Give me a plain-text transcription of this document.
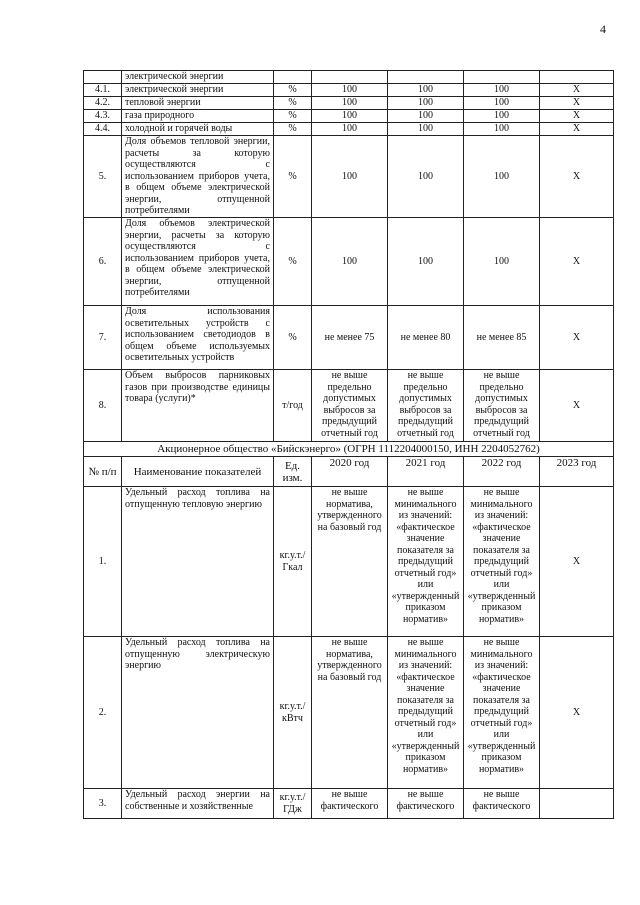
4
	электрической энергии					
4.1.	электрической энергии	%	100	100	100	X
4.2.	тепловой энергии	%	100	100	100	X
4.3.	газа природного	%	100	100	100	X
4.4.	холодной и горячей воды	%	100	100	100	X
5.	Доля объемов тепловой энергии, расчеты за которую осуществляются с использованием приборов учета, в общем объеме электрической энергии, отпущенной потребителями	%	100	100	100	X
6.	Доля объемов электрической энергии, расчеты за которую осуществляются с использованием приборов учета, в общем объеме электрической энергии, отпущенной потребителями	%	100	100	100	X
7.	Доля использования осветительных устройств с использованием светодиодов в общем объеме используемых осветительных устройств	%	не менее 75	не менее 80	не менее 85	X
8.	Объем выбросов парниковых газов при производстве единицы товара (услуги)*	т/год	не выше предельно допустимых выбросов за предыдущий отчетный год	не выше предельно допустимых выбросов за предыдущий отчетный год	не выше предельно допустимых выбросов за предыдущий отчетный год	X
Акционерное общество «Бийскэнерго» (ОГРН 1112204000150, ИНН 2204052762)						
№ п/п	Наименование показателей	Ед. изм.	2020 год	2021 год	2022 год	2023 год
1.	Удельный расход топлива на отпущенную тепловую энергию	кг.у.т./ Гкал	не выше норматива, утвержденного на базовый год	не выше минимального из значений: «фактическое значение показателя за предыдущий отчетный год» или «утвержденный приказом норматив»	не выше минимального из значений: «фактическое значение показателя за предыдущий отчетный год» или «утвержденный приказом норматив»	X
2.	Удельный расход топлива на отпущенную электрическую энергию	кг.у.т./ кВтч	не выше норматива, утвержденного на базовый год	не выше минимального из значений: «фактическое значение показателя за предыдущий отчетный год» или «утвержденный приказом норматив»	не выше минимального из значений: «фактическое значение показателя за предыдущий отчетный год» или «утвержденный приказом норматив»	X
3.	Удельный расход энергии на собственные и хозяйственные	кг.у.т./ ГДж	не выше фактического	не выше фактического	не выше фактического	
